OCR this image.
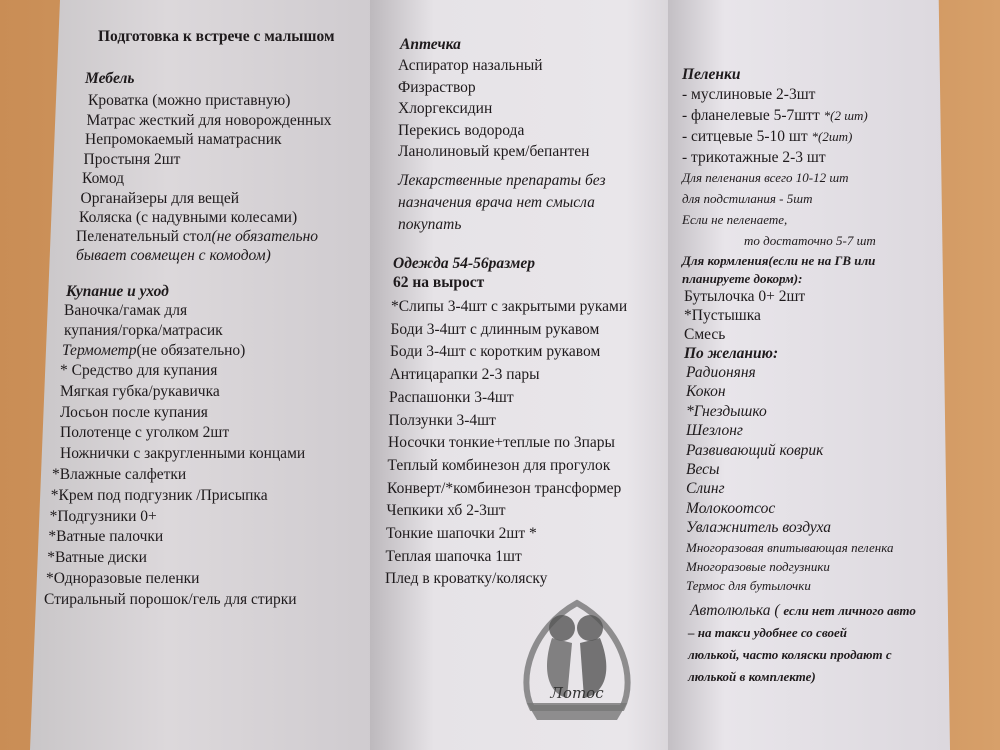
Подготовка к встрече с малышом
Мебель
Кроватка (можно приставную)
Матрас жесткий для новорожденных
Непромокаемый наматрасник
Простыня 2шт
Комод
Органайзеры для вещей
Коляска (с надувными колесами)
Пеленательный стол(не обязательно
бывает совмещен с комодом)
Купание и уход
Ваночка/гамак для
купания/горка/матрасик
Термометр(не обязательно)
* Средство для купания
Мягкая губка/рукавичка
Лосьон после купания
Полотенце с уголком 2шт
Ножнички с закругленными концами
*Влажные салфетки
*Крем под подгузник /Присыпка
*Подгузники 0+
*Ватные палочки
*Ватные диски
*Одноразовые пеленки
Стиральный порошок/гель для стирки
Аптечка
Аспиратор назальный
Физраствор
Хлоргексидин
Перекись водорода
Ланолиновый крем/бепантен
Лекарственные препараты без
назначения врача нет смысла
покупать
Одежда 54-56размер
62 на вырост
*Слипы 3-4шт с закрытыми руками
Боди 3-4шт с длинным рукавом
Боди 3-4шт с коротким рукавом
Антицарапки 2-3 пары
Распашонки 3-4шт
Ползунки 3-4шт
Носочки тонкие+теплые по 3пары
Теплый комбинезон для прогулок
Конверт/*комбинезон трансформер
Чепкики хб 2-3шт
Тонкие шапочки 2шт *
Теплая шапочка 1шт
Плед в кроватку/коляску
Пеленки
- муслиновые 2-3шт
- фланелевые 5-7штт *(2 шт)
- ситцевые 5-10 шт *(2шт)
- трикотажные 2-3 шт
Для пеленания всего 10-12 шт
для подстилания - 5шт
Если не пеленаете,
то достаточно 5-7 шт
Для кормления(если не на ГВ или
планируете докорм):
Бутылочка 0+ 2шт
*Пустышка
Смесь
По желанию:
Радионяня
Кокон
*Гнездышко
Шезлонг
Развивающий коврик
Весы
Слинг
Молокоотсос
Увлажнитель воздуха
Многоразовая впитывающая пеленка
Многоразовые подгузники
Термос для бутылочки
Автолюлька ( если нет личного авто
– на такси удобнее со своей
люлькой, часто коляски продают с
люлькой в комплекте)
Лотос
